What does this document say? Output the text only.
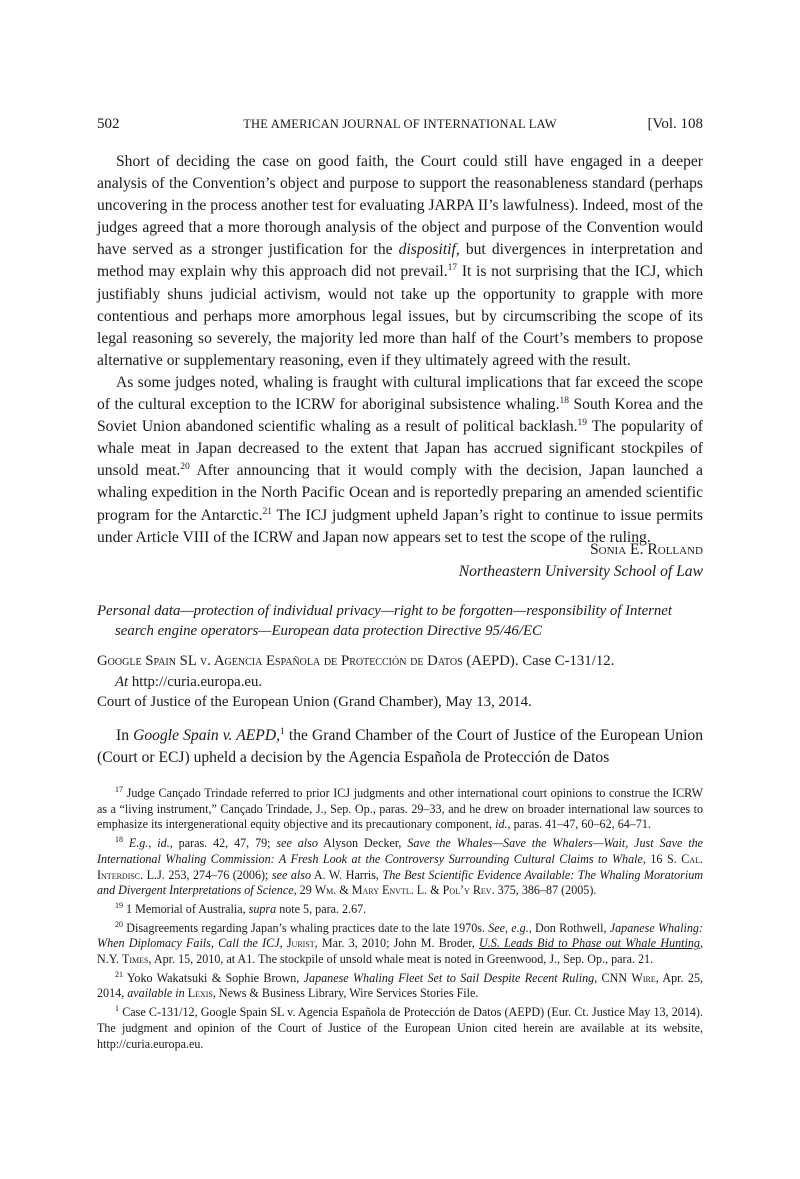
502	THE AMERICAN JOURNAL OF INTERNATIONAL LAW	[Vol. 108

Short of deciding the case on good faith, the Court could still have engaged in a deeper analysis of the Convention’s object and purpose to support the reasonableness standard (perhaps uncovering in the process another test for evaluating JARPA II’s lawfulness). Indeed, most of the judges agreed that a more thorough analysis of the object and purpose of the Convention would have served as a stronger justification for the dispositif, but divergences in interpretation and method may explain why this approach did not prevail.$^{17}$ It is not surprising that the ICJ, which justifiably shuns judicial activism, would not take up the opportunity to grapple with more contentious and perhaps more amorphous legal issues, but by circumscribing the scope of its legal reasoning so severely, the majority led more than half of the Court’s members to propose alternative or supplementary reasoning, even if they ultimately agreed with the result.

As some judges noted, whaling is fraught with cultural implications that far exceed the scope of the cultural exception to the ICRW for aboriginal subsistence whaling.$^{18}$ South Korea and the Soviet Union abandoned scientific whaling as a result of political backlash.$^{19}$ The popularity of whale meat in Japan decreased to the extent that Japan has accrued significant stockpiles of unsold meat.$^{20}$ After announcing that it would comply with the decision, Japan launched a whaling expedition in the North Pacific Ocean and is reportedly preparing an amended scientific program for the Antarctic.$^{21}$ The ICJ judgment upheld Japan’s right to continue to issue permits under Article VIII of the ICRW and Japan now appears set to test the scope of the ruling.

Sonia E. Rolland
Northeastern University School of Law
Personal data—protection of individual privacy—right to be forgotten—responsibility of Internet search engine operators—European data protection Directive 95/46/EC
Google Spain SL v. Agencia Española de Protección de Datos (AEPD). Case C-131/12.
At http://curia.europa.eu.
Court of Justice of the European Union (Grand Chamber), May 13, 2014.

In Google Spain v. AEPD,$^1$ the Grand Chamber of the Court of Justice of the European Union (Court or ECJ) upheld a decision by the Agencia Española de Protección de Datos

$^{17}$ Judge Cançado Trindade referred to prior ICJ judgments and other international court opinions to construe the ICRW as a “living instrument,” Cançado Trindade, J., Sep. Op., paras. 29–33, and he drew on broader international law sources to emphasize its intergenerational equity objective and its precautionary component, id., paras. 41–47, 60–62, 64–71.

$^{18}$ E.g., id., paras. 42, 47, 79; see also Alyson Decker, Save the Whales—Save the Whalers—Wait, Just Save the International Whaling Commission: A Fresh Look at the Controversy Surrounding Cultural Claims to Whale, 16 S. Cal. Interdisc. L.J. 253, 274–76 (2006); see also A. W. Harris, The Best Scientific Evidence Available: The Whaling Moratorium and Divergent Interpretations of Science, 29 Wm. & Mary Envtl. L. & Pol’y Rev. 375, 386–87 (2005).

$^{19}$ 1 Memorial of Australia, supra note 5, para. 2.67.

$^{20}$ Disagreements regarding Japan’s whaling practices date to the late 1970s. See, e.g., Don Rothwell, Japanese Whaling: When Diplomacy Fails, Call the ICJ, Jurist, Mar. 3, 2010; John M. Broder, U.S. Leads Bid to Phase out Whale Hunting, N.Y. Times, Apr. 15, 2010, at A1. The stockpile of unsold whale meat is noted in Greenwood, J., Sep. Op., para. 21.

$^{21}$ Yoko Wakatsuki & Sophie Brown, Japanese Whaling Fleet Set to Sail Despite Recent Ruling, CNN Wire, Apr. 25, 2014, available in Lexis, News & Business Library, Wire Services Stories File.

$^1$ Case C-131/12, Google Spain SL v. Agencia Española de Protección de Datos (AEPD) (Eur. Ct. Justice May 13, 2014). The judgment and opinion of the Court of Justice of the European Union cited herein are available at its website, http://curia.europa.eu.
